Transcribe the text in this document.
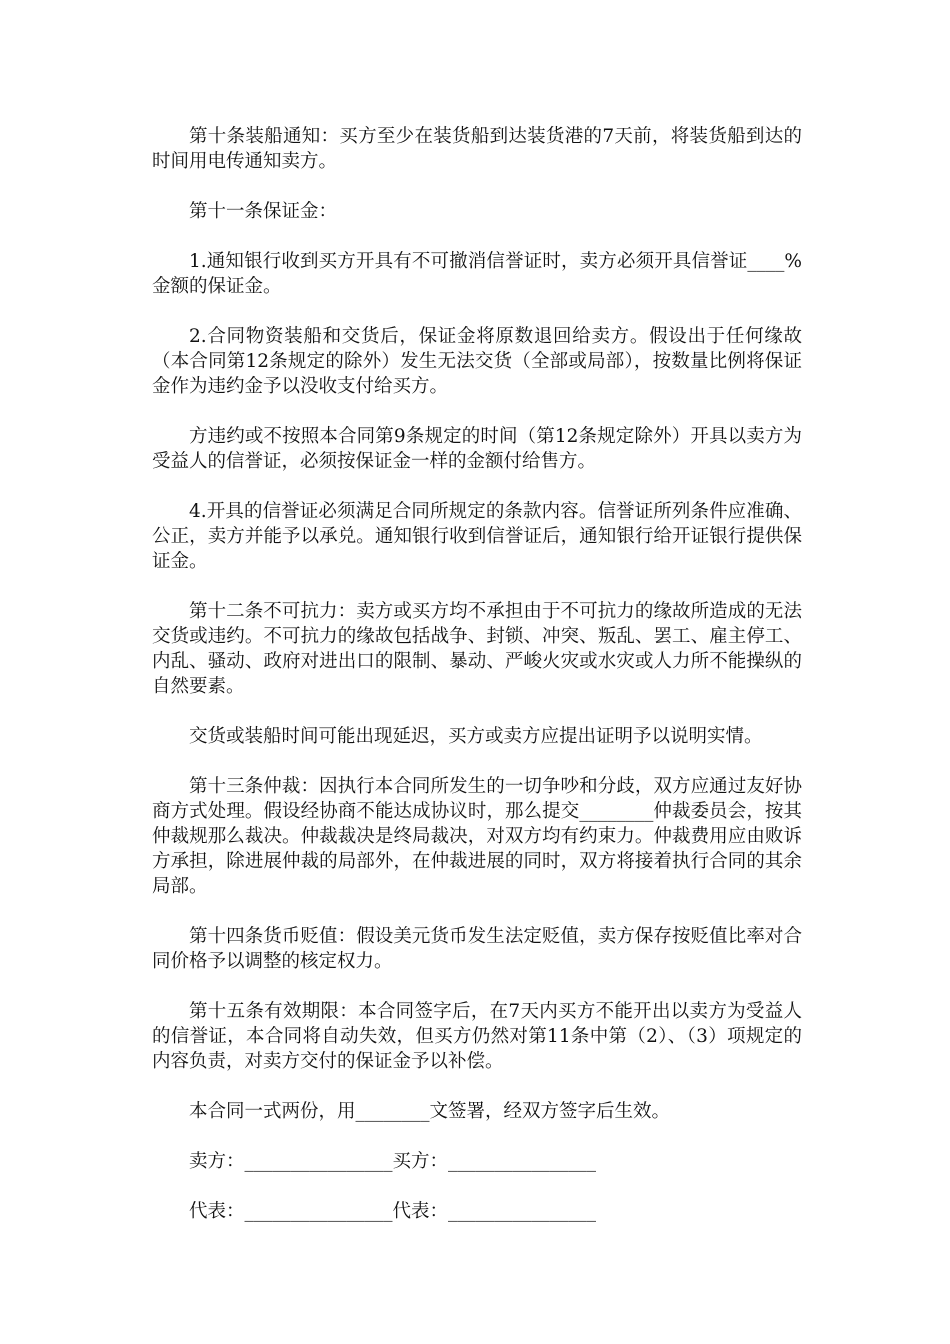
第十条装船通知：买方至少在装货船到达装货港的7天前，将装货船到达的时间用电传通知卖方。

第十一条保证金：

1.通知银行收到买方开具有不可撤消信誉证时，卖方必须开具信誉证____%金额的保证金。

2.合同物资装船和交货后，保证金将原数退回给卖方。假设出于任何缘故（本合同第12条规定的除外）发生无法交货（全部或局部），按数量比例将保证金作为违约金予以没收支付给买方。

方违约或不按照本合同第9条规定的时间（第12条规定除外）开具以卖方为受益人的信誉证，必须按保证金一样的金额付给售方。

4.开具的信誉证必须满足合同所规定的条款内容。信誉证所列条件应准确、公正，卖方并能予以承兑。通知银行收到信誉证后，通知银行给开证银行提供保证金。

第十二条不可抗力：卖方或买方均不承担由于不可抗力的缘故所造成的无法交货或违约。不可抗力的缘故包括战争、封锁、冲突、叛乱、罢工、雇主停工、内乱、骚动、政府对进出口的限制、暴动、严峻火灾或水灾或人力所不能操纵的自然要素。

交货或装船时间可能出现延迟，买方或卖方应提出证明予以说明实情。

第十三条仲裁：因执行本合同所发生的一切争吵和分歧，双方应通过友好协商方式处理。假设经协商不能达成协议时，那么提交________仲裁委员会，按其仲裁规那么裁决。仲裁裁决是终局裁决，对双方均有约束力。仲裁费用应由败诉方承担，除进展仲裁的局部外，在仲裁进展的同时，双方将接着执行合同的其余局部。

第十四条货币贬值：假设美元货币发生法定贬值，卖方保存按贬值比率对合同价格予以调整的核定权力。

第十五条有效期限：本合同签字后，在7天内买方不能开出以卖方为受益人的信誉证，本合同将自动失效，但买方仍然对第11条中第（2）、（3）项规定的内容负责，对卖方交付的保证金予以补偿。

本合同一式两份，用________文签署，经双方签字后生效。

卖方：________________买方：________________

代表：________________代表：________________
